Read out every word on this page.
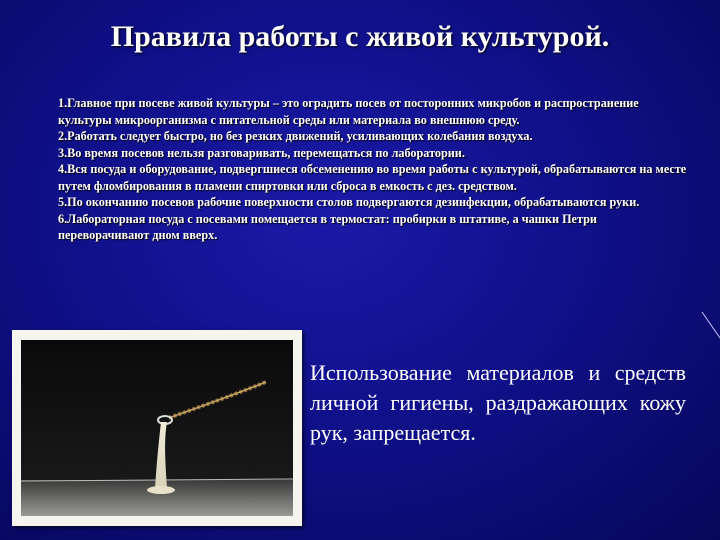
Правила работы с живой культурой.

1.Главное при посеве живой культуры – это оградить посев от посторонних микробов и распространение культуры микроорганизма с питательной среды или материала во внешнюю среду.

2.Работать следует быстро, но без резких движений, усиливающих колебания воздуха.

3.Во время посевов нельзя разговаривать, перемещаться по лаборатории.

4.Вся посуда и оборудование, подвергшиеся обсеменению во время работы с культурой, обрабатываются на месте путем фломбирования в пламени спиртовки или сброса в емкость с дез. средством.

5.По окончанию посевов рабочие поверхности столов подвергаются дезинфекции, обрабатываются руки.

6.Лабораторная посуда с посевами помещается в термостат: пробирки в штативе, а чашки Петри переворачивают дном вверх.

Использование материалов и средств личной гигиены, раздражающих кожу рук, запрещается.
